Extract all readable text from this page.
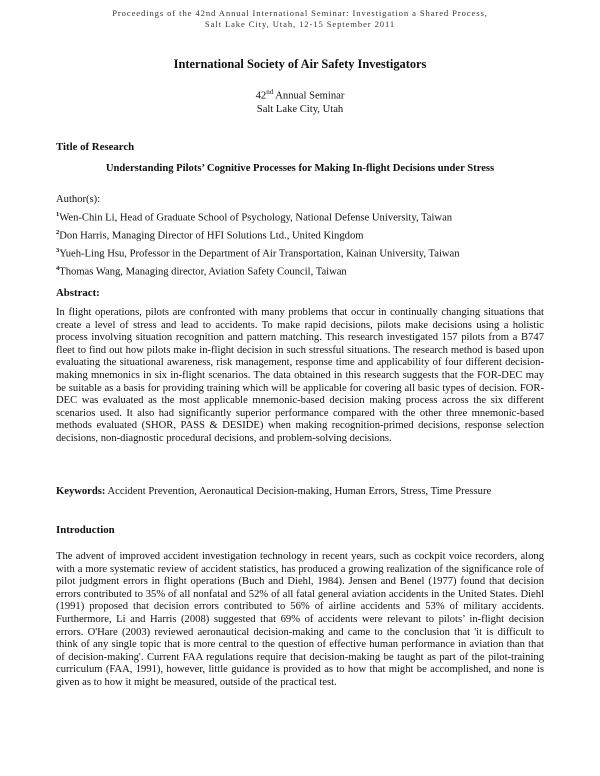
Proceedings of the 42nd Annual International Seminar: Investigation a Shared Process,
Salt Lake City, Utah, 12-15 September 2011
International Society of Air Safety Investigators
42nd Annual Seminar
Salt Lake City, Utah
Title of Research
Understanding Pilots’ Cognitive Processes for Making In-flight Decisions under Stress
Author(s):
$^1$Wen-Chin Li, Head of Graduate School of Psychology, National Defense University, Taiwan
$^2$Don Harris, Managing Director of HFI Solutions Ltd., United Kingdom
$^3$Yueh-Ling Hsu, Professor in the Department of Air Transportation, Kainan University, Taiwan
$^4$Thomas Wang, Managing director, Aviation Safety Council, Taiwan
Abstract:
In flight operations, pilots are confronted with many problems that occur in continually changing situations that create a level of stress and lead to accidents. To make rapid decisions, pilots make decisions using a holistic process involving situation recognition and pattern matching. This research investigated 157 pilots from a B747 fleet to find out how pilots make in-flight decision in such stressful situations. The research method is based upon evaluating the situational awareness, risk management, response time and applicability of four different decision-making mnemonics in six in-flight scenarios. The data obtained in this research suggests that the FOR-DEC may be suitable as a basis for providing training which will be applicable for covering all basic types of decision. FOR-DEC was evaluated as the most applicable mnemonic-based decision making process across the six different scenarios used. It also had significantly superior performance compared with the other three mnemonic-based methods evaluated (SHOR, PASS & DESIDE) when making recognition-primed decisions, response selection decisions, non-diagnostic procedural decisions, and problem-solving decisions.
Keywords: Accident Prevention, Aeronautical Decision-making, Human Errors, Stress, Time Pressure
Introduction
The advent of improved accident investigation technology in recent years, such as cockpit voice recorders, along with a more systematic review of accident statistics, has produced a growing realization of the significance role of pilot judgment errors in flight operations (Buch and Diehl, 1984). Jensen and Benel (1977) found that decision errors contributed to 35% of all nonfatal and 52% of all fatal general aviation accidents in the United States. Diehl (1991) proposed that decision errors contributed to 56% of airline accidents and 53% of military accidents. Furthermore, Li and Harris (2008) suggested that 69% of accidents were relevant to pilots’ in-flight decision errors. O'Hare (2003) reviewed aeronautical decision-making and came to the conclusion that 'it is difficult to think of any single topic that is more central to the question of effective human performance in aviation than that of decision-making'. Current FAA regulations require that decision-making be taught as part of the pilot-training curriculum (FAA, 1991), however, little guidance is provided as to how that might be accomplished, and none is given as to how it might be measured, outside of the practical test.
